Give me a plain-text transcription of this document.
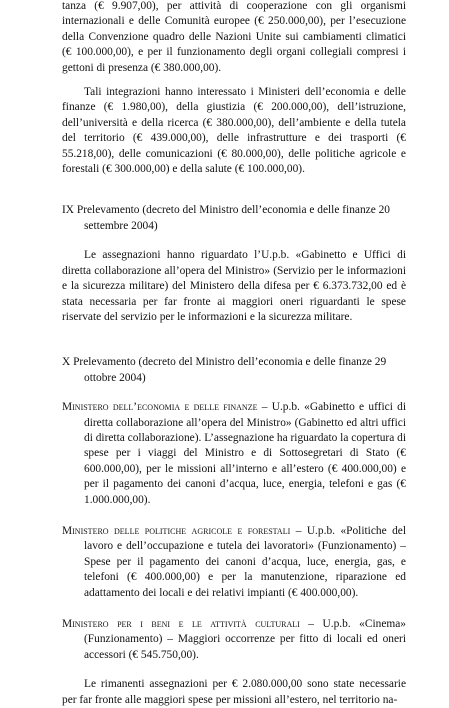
tanza (€ 9.907,00), per attività di cooperazione con gli organismi internazionali e delle Comunità europee (€ 250.000,00), per l’esecuzione della Convenzione quadro delle Nazioni Unite sui cambiamenti climatici (€ 100.000,00), e per il funzionamento degli organi collegiali compresi i gettoni di presenza (€ 380.000,00).

Tali integrazioni hanno interessato i Ministeri dell’economia e delle finanze (€ 1.980,00), della giustizia (€ 200.000,00), dell’istruzione, dell’università e della ricerca (€ 380.000,00), dell’ambiente e della tutela del territorio (€ 439.000,00), delle infrastrutture e dei trasporti (€ 55.218,00), delle comunicazioni (€ 80.000,00), delle politiche agricole e forestali (€ 300.000,00) e della salute (€ 100.000,00).

IX Prelevamento (decreto del Ministro dell’economia e delle finanze 20 settembre 2004)

Le assegnazioni hanno riguardato l’U.p.b. «Gabinetto e Uffici di diretta collaborazione all’opera del Ministro» (Servizio per le informazioni e la sicurezza militare) del Ministero della difesa per € 6.373.732,00 ed è stata necessaria per far fronte ai maggiori oneri riguardanti le spese riservate del servizio per le informazioni e la sicurezza militare.

X Prelevamento (decreto del Ministro dell’economia e delle finanze 29 ottobre 2004)

Ministero dell’economia e delle finanze – U.p.b. «Gabinetto e uffici di diretta collaborazione all’opera del Ministro» (Gabinetto ed altri uffici di diretta collaborazione). L’assegnazione ha riguardato la copertura di spese per i viaggi del Ministro e di Sottosegretari di Stato (€ 600.000,00), per le missioni all’interno e all’estero (€ 400.000,00) e per il pagamento dei canoni d’acqua, luce, energia, telefoni e gas (€ 1.000.000,00).

Ministero delle politiche agricole e forestali – U.p.b. «Politiche del lavoro e dell’occupazione e tutela dei lavoratori» (Funzionamento) – Spese per il pagamento dei canoni d’acqua, luce, energia, gas, e telefoni (€ 400.000,00) e per la manutenzione, riparazione ed adattamento dei locali e dei relativi impianti (€ 400.000,00).

Ministero per i beni e le attività culturali – U.p.b. «Cinema» (Funzionamento) – Maggiori occorrenze per fitto di locali ed oneri accessori (€ 545.750,00).

Le rimanenti assegnazioni per € 2.080.000,00 sono state necessarie per far fronte alle maggiori spese per missioni all’estero, nel territorio na-
